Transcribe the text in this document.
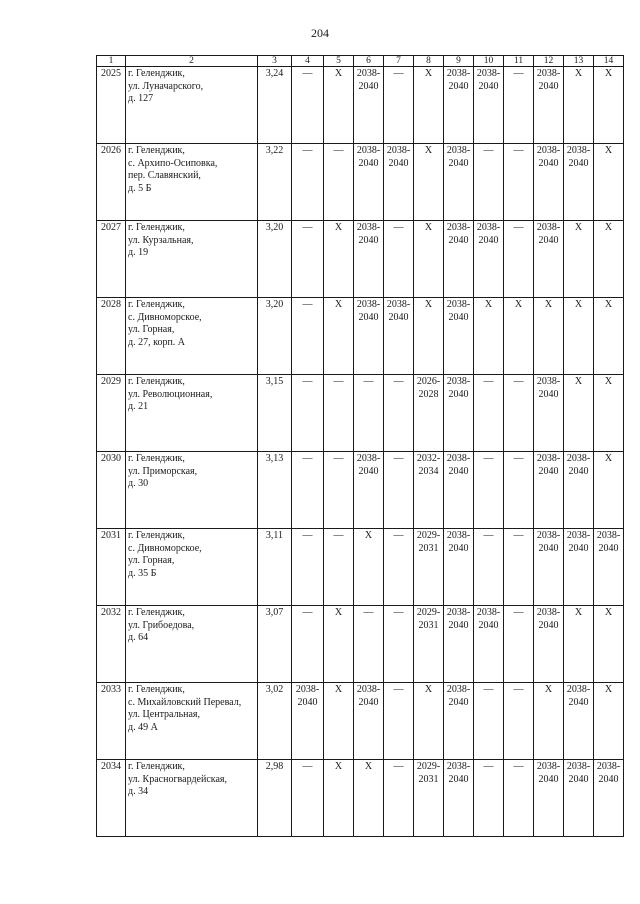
204
1	2	3	4	5	6	7	8	9	10	11	12	13	14
2025	г. Геленджик,
ул. Луначарского,
д. 127	3,24	—	X	2038-
2040	—	X	2038-
2040	2038-
2040	—	2038-
2040	X	X

2026	г. Геленджик,
с. Архипо-Осиповка,
пер. Славянский,
д. 5 Б	3,22	—	—	2038-
2040	2038-
2040	X	2038-
2040	—	—	2038-
2040	2038-
2040	X

2027	г. Геленджик,
ул. Курзальная,
д. 19	3,20	—	X	2038-
2040	—	X	2038-
2040	2038-
2040	—	2038-
2040	X	X

2028	г. Геленджик,
с. Дивноморское,
ул. Горная,
д. 27, корп. А	3,20	—	X	2038-
2040	2038-
2040	X	2038-
2040	X	X	X	X	X

2029	г. Геленджик,
ул. Революционная,
д. 21	3,15	—	—	—	—	2026-
2028	2038-
2040	—	—	2038-
2040	X	X

2030	г. Геленджик,
ул. Приморская,
д. 30	3,13	—	—	2038-
2040	—	2032-
2034	2038-
2040	—	—	2038-
2040	2038-
2040	X

2031	г. Геленджик,
с. Дивноморское,
ул. Горная,
д. 35 Б	3,11	—	—	X	—	2029-
2031	2038-
2040	—	—	2038-
2040	2038-
2040	2038-
2040

2032	г. Геленджик,
ул. Грибоедова,
д. 64	3,07	—	X	—	—	2029-
2031	2038-
2040	2038-
2040	—	2038-
2040	X	X

2033	г. Геленджик,
с. Михайловский Перевал,
ул. Центральная,
д. 49 А	3,02	2038-
2040	X	2038-
2040	—	X	2038-
2040	—	—	X	2038-
2040	X

2034	г. Геленджик,
ул. Красногвардейская,
д. 34	2,98	—	X	X	—	2029-
2031	2038-
2040	—	—	2038-
2040	2038-
2040	2038-
2040
